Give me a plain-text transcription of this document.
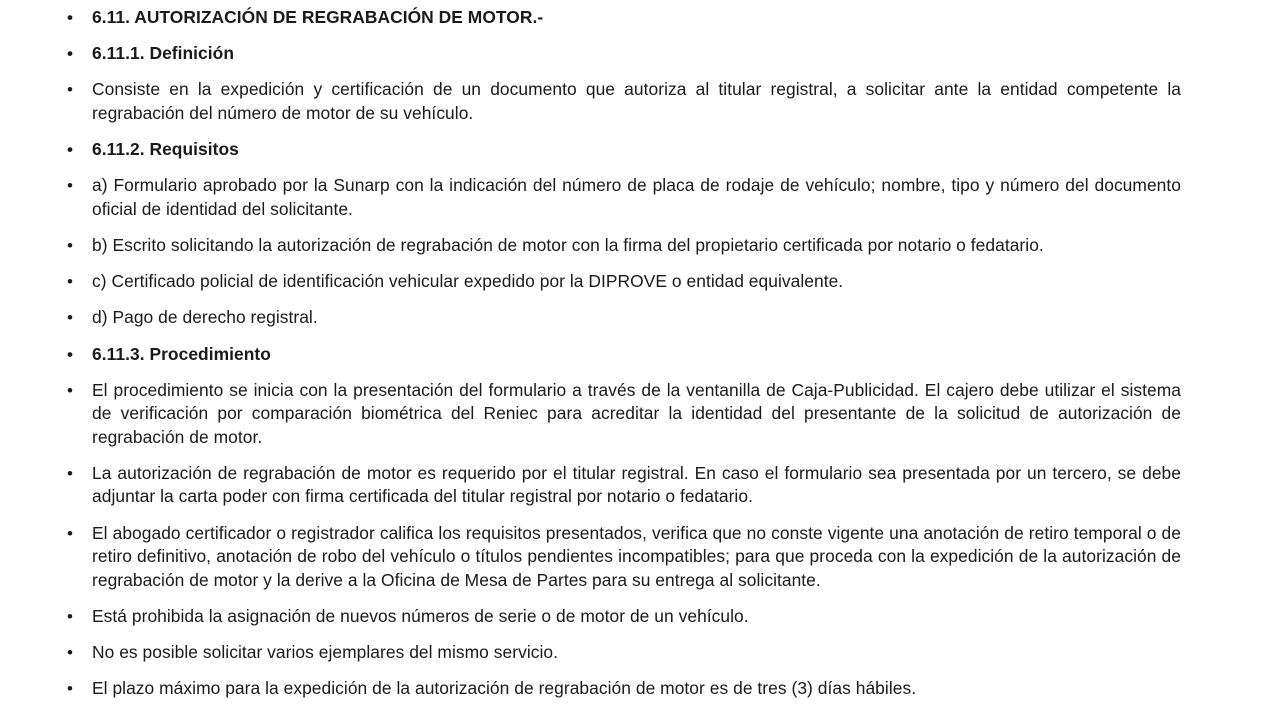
• 6.11. AUTORIZACIÓN DE REGRABACIÓN DE MOTOR.-
• 6.11.1. Definición
• Consiste en la expedición y certificación de un documento que autoriza al titular registral, a solicitar ante la entidad competente la regrabación del número de motor de su vehículo.
• 6.11.2. Requisitos
• a) Formulario aprobado por la Sunarp con la indicación del número de placa de rodaje de vehículo; nombre, tipo y número del documento oficial de identidad del solicitante.
• b) Escrito solicitando la autorización de regrabación de motor con la firma del propietario certificada por notario o fedatario.
• c) Certificado policial de identificación vehicular expedido por la DIPROVE o entidad equivalente.
• d) Pago de derecho registral.
• 6.11.3. Procedimiento
• El procedimiento se inicia con la presentación del formulario a través de la ventanilla de Caja-Publicidad. El cajero debe utilizar el sistema de verificación por comparación biométrica del Reniec para acreditar la identidad del presentante de la solicitud de autorización de regrabación de motor.
• La autorización de regrabación de motor es requerido por el titular registral. En caso el formulario sea presentada por un tercero, se debe adjuntar la carta poder con firma certificada del titular registral por notario o fedatario.
• El abogado certificador o registrador califica los requisitos presentados, verifica que no conste vigente una anotación de retiro temporal o de retiro definitivo, anotación de robo del vehículo o títulos pendientes incompatibles; para que proceda con la expedición de la autorización de regrabación de motor y la derive a la Oficina de Mesa de Partes para su entrega al solicitante.
• Está prohibida la asignación de nuevos números de serie o de motor de un vehículo.
• No es posible solicitar varios ejemplares del mismo servicio.
• El plazo máximo para la expedición de la autorización de regrabación de motor es de tres (3) días hábiles.
